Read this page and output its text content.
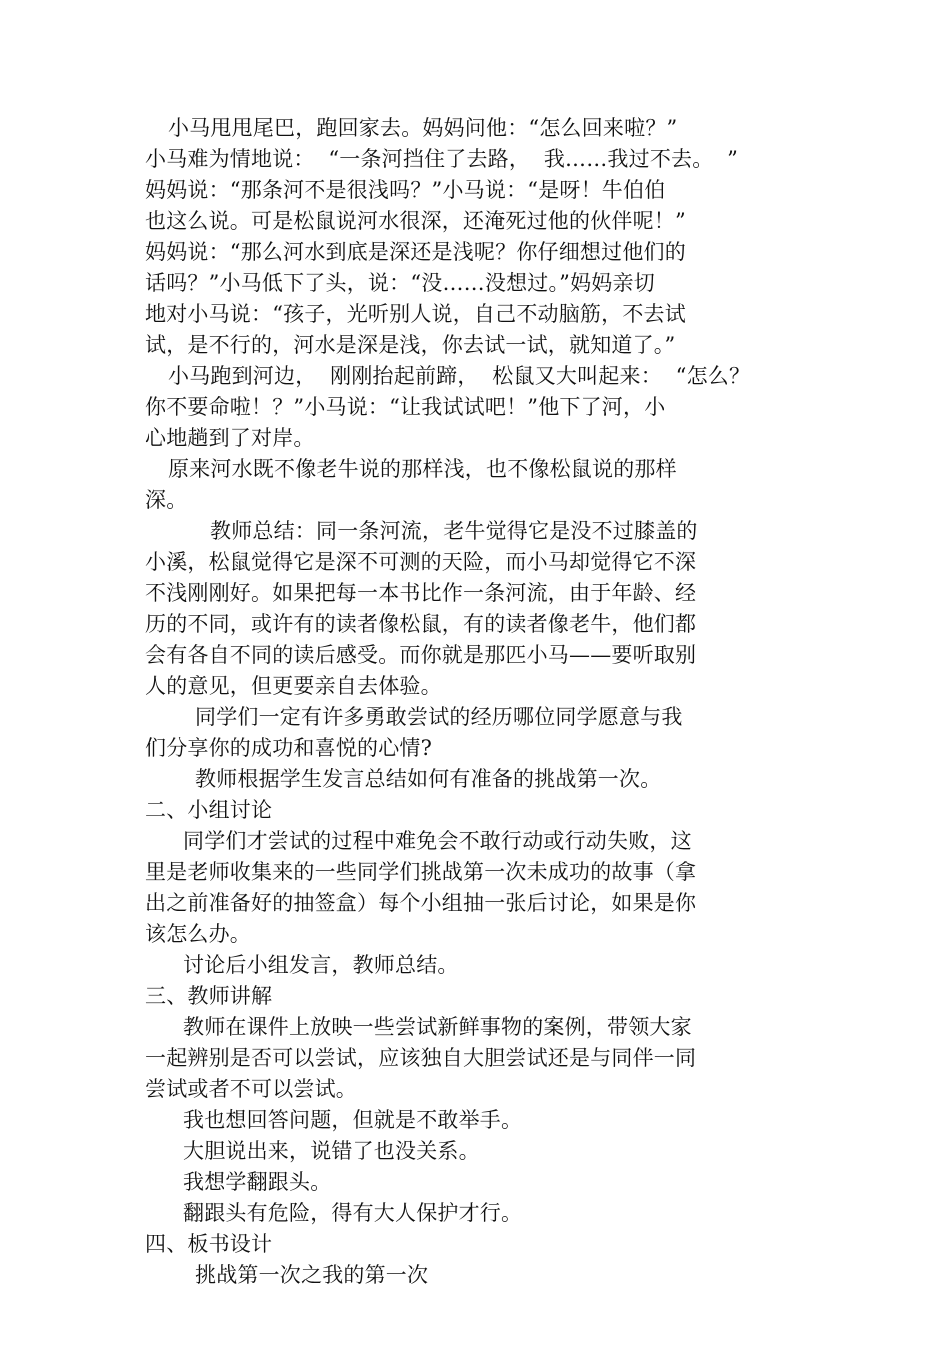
小马甩甩尾巴，跑回家去。妈妈问他：“怎么回来啦？”
小马难为情地说：  “一条河挡住了去路，  我……我过不去。  ”
妈妈说：“那条河不是很浅吗？”小马说：“是呀！牛伯伯
也这么说。可是松鼠说河水很深，还淹死过他的伙伴呢！”
妈妈说：“那么河水到底是深还是浅呢？你仔细想过他们的
话吗？”小马低下了头，说：“没……没想过。”妈妈亲切
地对小马说：“孩子，光听别人说，自己不动脑筋，不去试
试，是不行的，河水是深是浅，你去试一试，就知道了。”
小马跑到河边，  刚刚抬起前蹄，  松鼠又大叫起来：  “怎么？
你不要命啦！？”小马说：“让我试试吧！”他下了河，小
心地趟到了对岸。
原来河水既不像老牛说的那样浅，也不像松鼠说的那样
深。
教师总结：同一条河流，老牛觉得它是没不过膝盖的
小溪，松鼠觉得它是深不可测的天险，而小马却觉得它不深
不浅刚刚好。如果把每一本书比作一条河流，由于年龄、经
历的不同，或许有的读者像松鼠，有的读者像老牛，他们都
会有各自不同的读后感受。而你就是那匹小马——要听取别
人的意见，但更要亲自去体验。
同学们一定有许多勇敢尝试的经历哪位同学愿意与我
们分享你的成功和喜悦的心情?
教师根据学生发言总结如何有准备的挑战第一次。
二、小组讨论
同学们才尝试的过程中难免会不敢行动或行动失败，这
里是老师收集来的一些同学们挑战第一次未成功的故事（拿
出之前准备好的抽签盒）每个小组抽一张后讨论，如果是你
该怎么办。
讨论后小组发言，教师总结。
三、教师讲解
教师在课件上放映一些尝试新鲜事物的案例，带领大家
一起辨别是否可以尝试，应该独自大胆尝试还是与同伴一同
尝试或者不可以尝试。
我也想回答问题，但就是不敢举手。
大胆说出来，说错了也没关系。
我想学翻跟头。
翻跟头有危险，得有大人保护才行。
四、板书设计
挑战第一次之我的第一次
